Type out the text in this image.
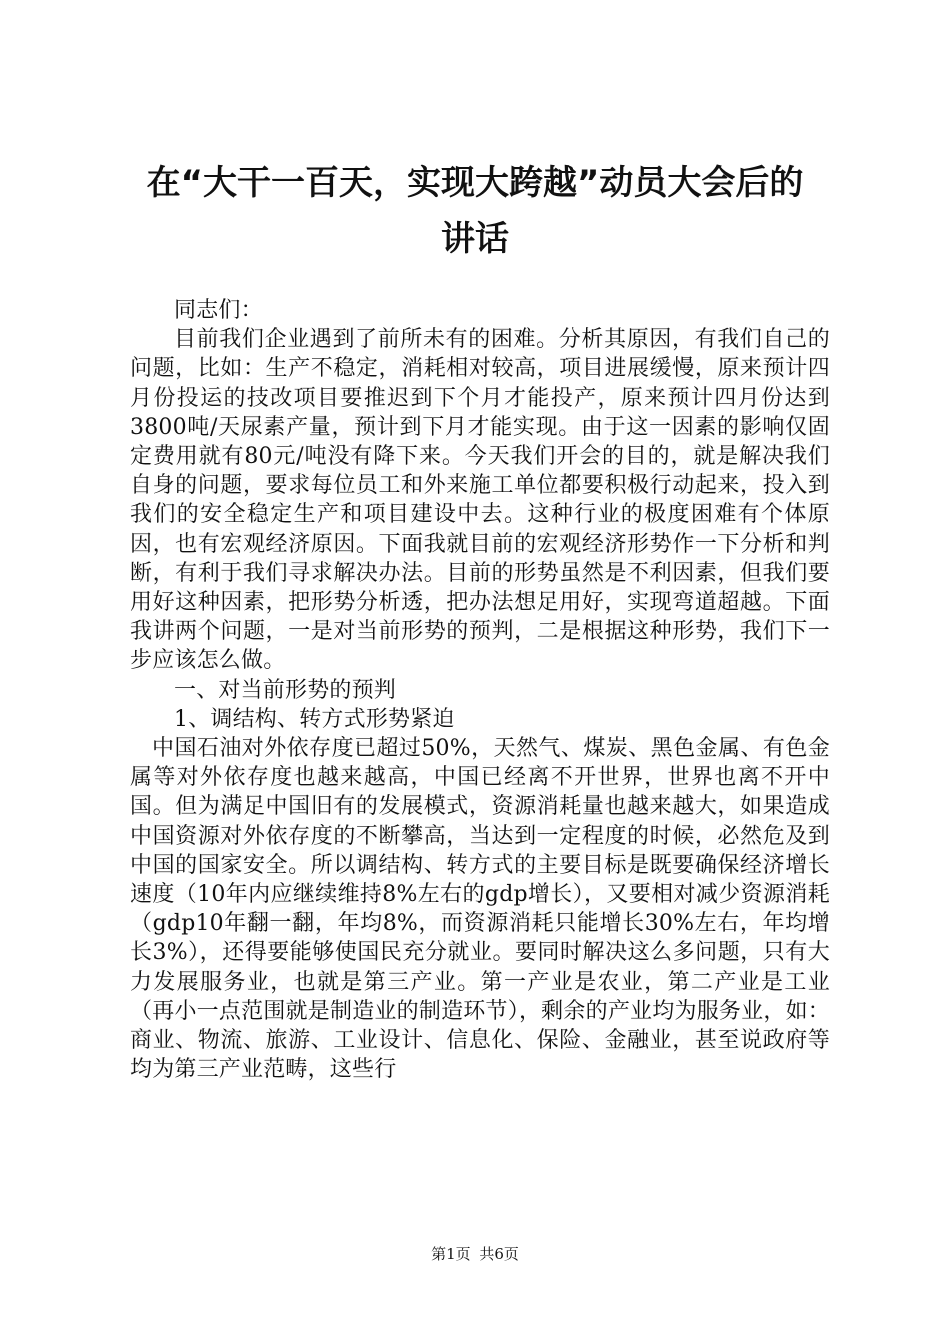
在“大干一百天，实现大跨越”动员大会后的
讲话

同志们：

目前我们企业遇到了前所未有的困难。分析其原因，有我们自己的问题，比如：生产不稳定，消耗相对较高，项目进展缓慢，原来预计四月份投运的技改项目要推迟到下个月才能投产，原来预计四月份达到3800吨/天尿素产量，预计到下月才能实现。由于这一因素的影响仅固定费用就有80元/吨没有降下来。今天我们开会的目的，就是解决我们自身的问题，要求每位员工和外来施工单位都要积极行动起来，投入到我们的安全稳定生产和项目建设中去。这种行业的极度困难有个体原因，也有宏观经济原因。下面我就目前的宏观经济形势作一下分析和判断，有利于我们寻求解决办法。目前的形势虽然是不利因素，但我们要用好这种因素，把形势分析透，把办法想足用好，实现弯道超越。下面我讲两个问题，一是对当前形势的预判，二是根据这种形势，我们下一步应该怎么做。

一、对当前形势的预判

1、调结构、转方式形势紧迫

中国石油对外依存度已超过50%，天然气、煤炭、黑色金属、有色金属等对外依存度也越来越高，中国已经离不开世界，世界也离不开中国。但为满足中国旧有的发展模式，资源消耗量也越来越大，如果造成中国资源对外依存度的不断攀高，当达到一定程度的时候，必然危及到中国的国家安全。所以调结构、转方式的主要目标是既要确保经济增长速度（10年内应继续维持8%左右的gdp增长），又要相对减少资源消耗（gdp10年翻一翻，年均8%，而资源消耗只能增长30%左右，年均增长3%），还得要能够使国民充分就业。要同时解决这么多问题，只有大力发展服务业，也就是第三产业。第一产业是农业，第二产业是工业（再小一点范围就是制造业的制造环节），剩余的产业均为服务业，如：商业、物流、旅游、工业设计、信息化、保险、金融业，甚至说政府等均为第三产业范畴，这些行

第1页 共6页
